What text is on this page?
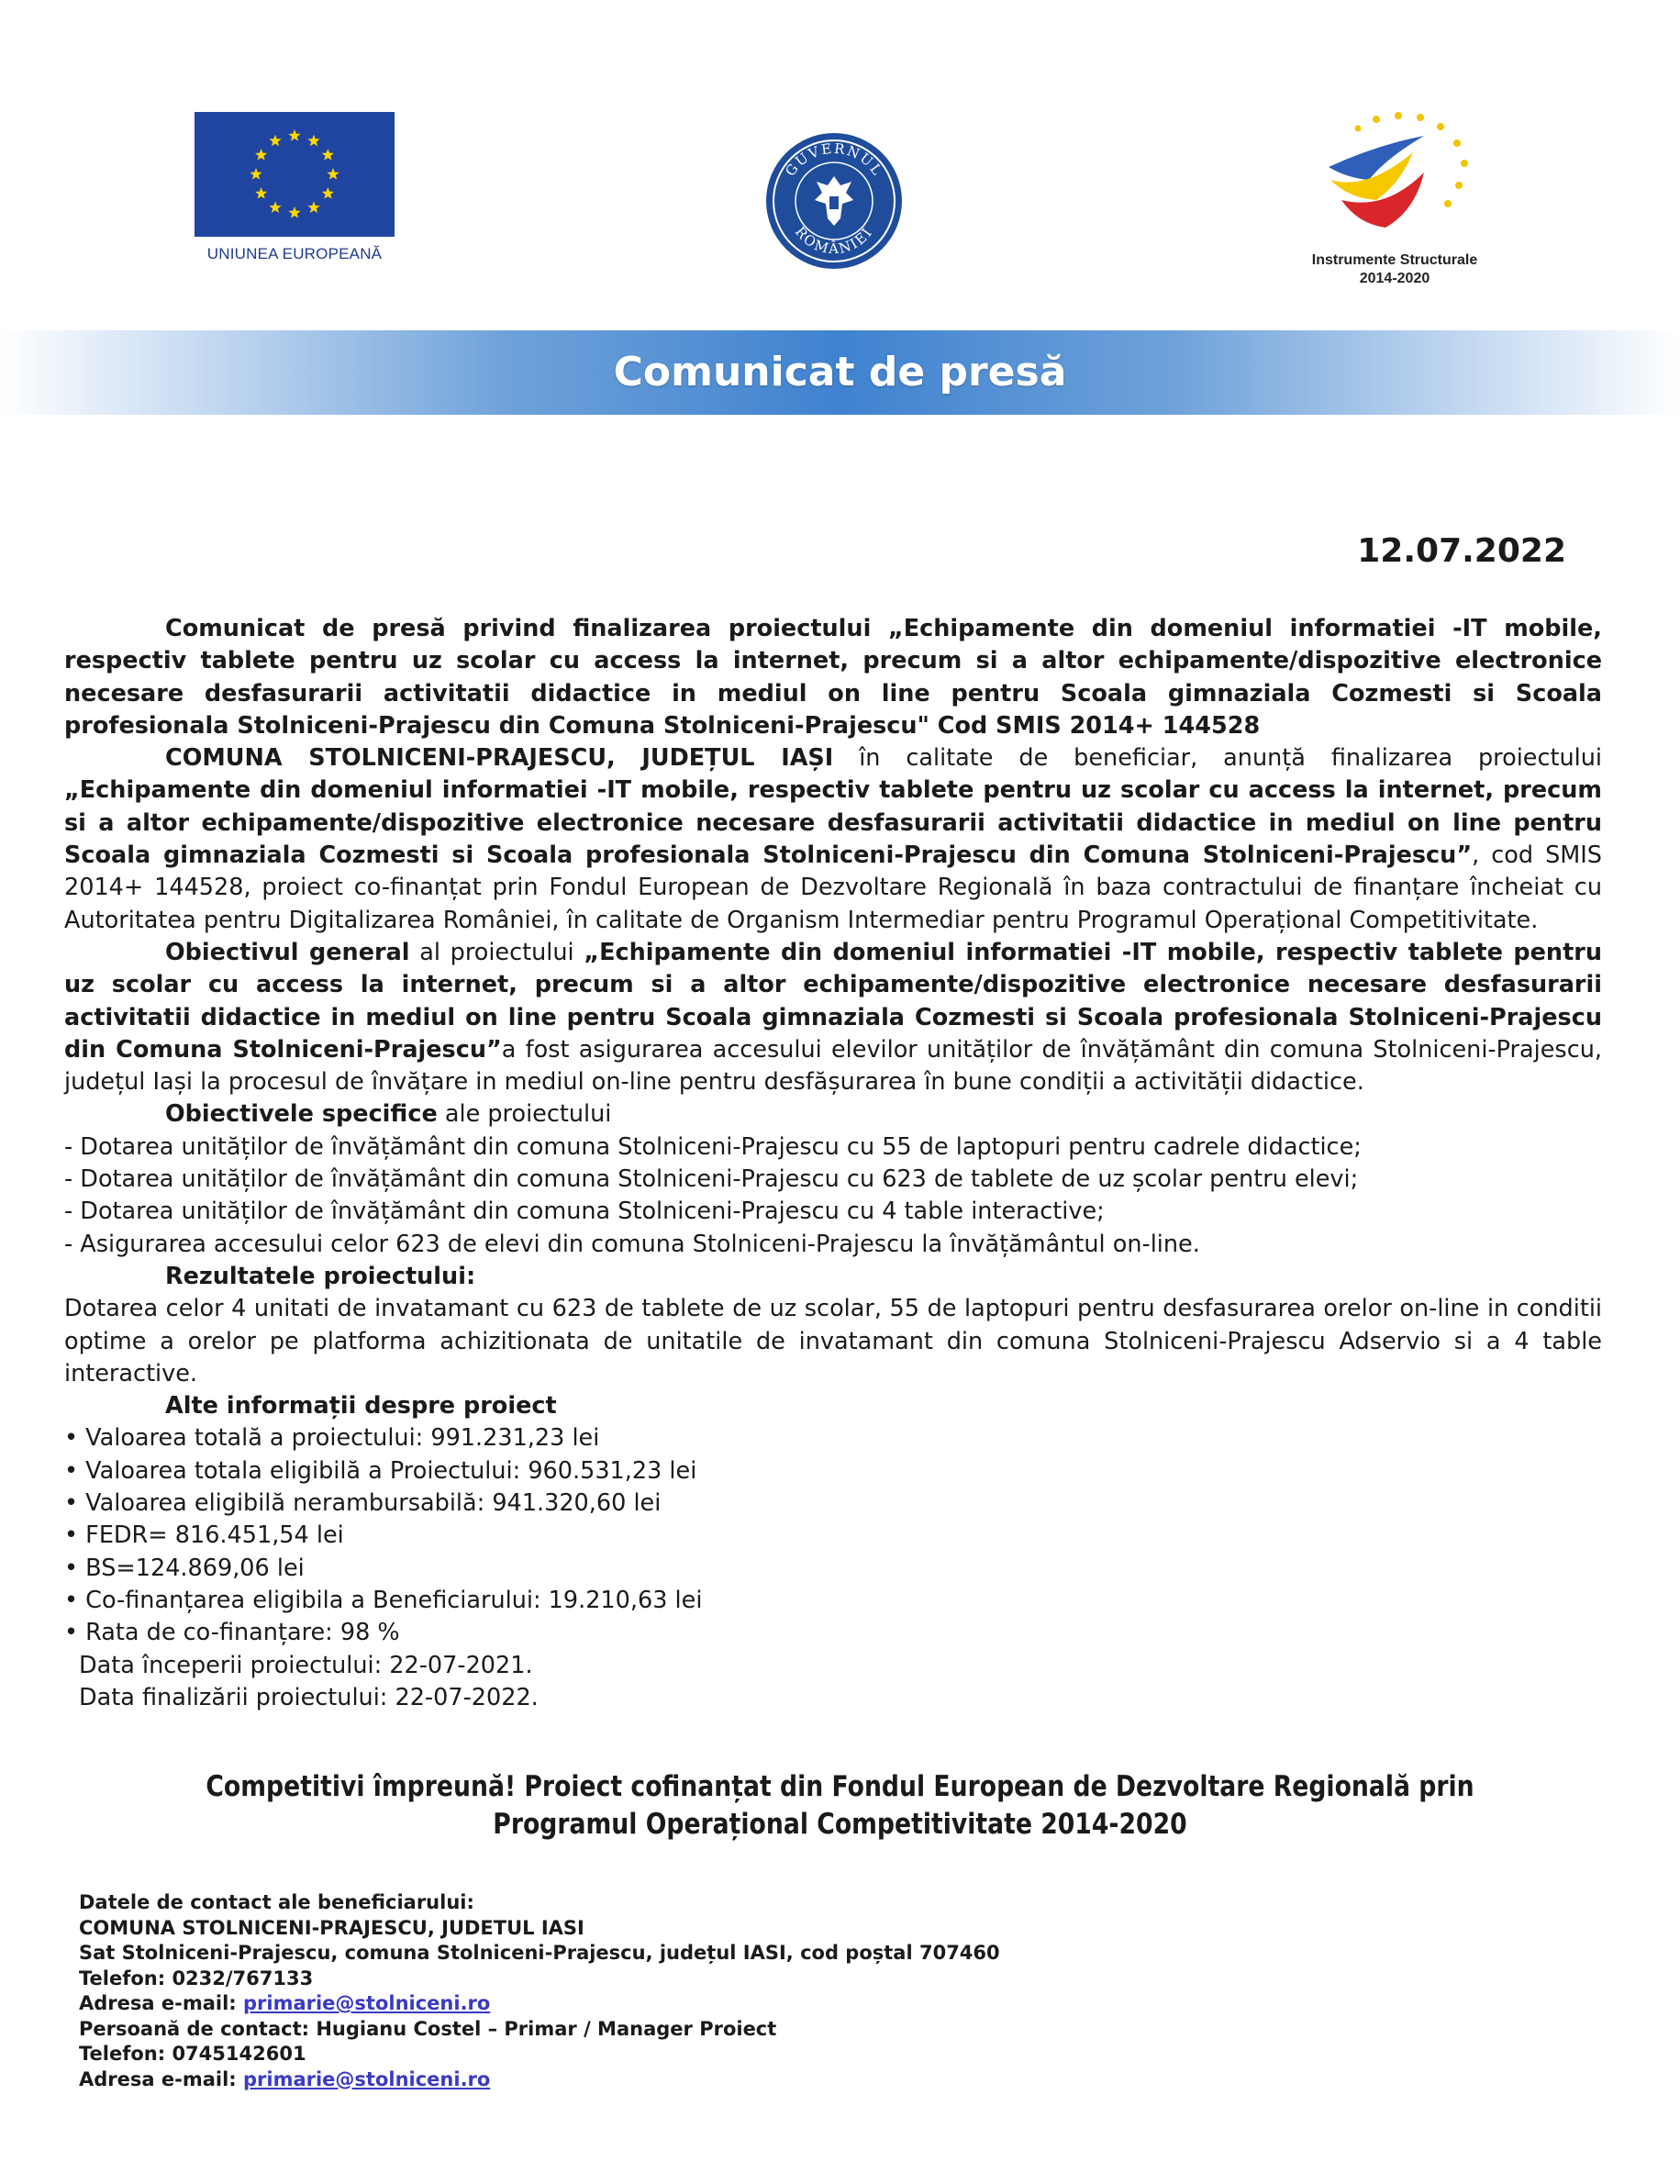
UNIUNEA EUROPEANĂ
GUVERNUL
ROMÂNIEI
Instrumente Structurale
2014-2020
Comunicat de presă
12.07.2022

Comunicat de presă privind finalizarea proiectului „Echipamente din domeniul informatiei -IT mobile, respectiv tablete pentru uz scolar cu access la internet, precum si a altor echipamente/dispozitive electronice necesare desfasurarii activitatii didactice in mediul on line pentru Scoala gimnaziala Cozmesti si Scoala profesionala Stolniceni-Prajescu din Comuna Stolniceni-Prajescu" Cod SMIS 2014+ 144528

COMUNA STOLNICENI-PRAJESCU, JUDEȚUL IAȘI în calitate de beneficiar, anunță finalizarea proiectului „Echipamente din domeniul informatiei -IT mobile, respectiv tablete pentru uz scolar cu access la internet, precum si a altor echipamente/dispozitive electronice necesare desfasurarii activitatii didactice in mediul on line pentru Scoala gimnaziala Cozmesti si Scoala profesionala Stolniceni-Prajescu din Comuna Stolniceni-Prajescu”, cod SMIS 2014+ 144528, proiect co-finanțat prin Fondul European de Dezvoltare Regională în baza contractului de finanțare încheiat cu Autoritatea pentru Digitalizarea României, în calitate de Organism Intermediar pentru Programul Operațional Competitivitate.

Obiectivul general al proiectului „Echipamente din domeniul informatiei -IT mobile, respectiv tablete pentru uz scolar cu access la internet, precum si a altor echipamente/dispozitive electronice necesare desfasurarii activitatii didactice in mediul on line pentru Scoala gimnaziala Cozmesti si Scoala profesionala Stolniceni-Prajescu din Comuna Stolniceni-Prajescu”a fost asigurarea accesului elevilor unităților de învățământ din comuna Stolniceni-Prajescu, județul Iași la procesul de învățare in mediul on-line pentru desfășurarea în bune condiții a activității didactice.

Obiectivele specifice ale proiectului

- Dotarea unităților de învățământ din comuna Stolniceni-Prajescu cu 55 de laptopuri pentru cadrele didactice;

- Dotarea unităților de învățământ din comuna Stolniceni-Prajescu cu 623 de tablete de uz școlar pentru elevi;

- Dotarea unităților de învățământ din comuna Stolniceni-Prajescu cu 4 table interactive;

- Asigurarea accesului celor 623 de elevi din comuna Stolniceni-Prajescu la învățământul on-line.

Rezultatele proiectului:

Dotarea celor 4 unitati de invatamant cu 623 de tablete de uz scolar, 55 de laptopuri pentru desfasurarea orelor on-line in conditii optime a orelor pe platforma achizitionata de unitatile de invatamant din comuna Stolniceni-Prajescu Adservio si a 4 table interactive.

Alte informații despre proiect

• Valoarea totală a proiectului: 991.231,23 lei
• Valoarea totala eligibilă a Proiectului: 960.531,23 lei
• Valoarea eligibilă nerambursabilă: 941.320,60 lei
• FEDR= 816.451,54 lei
• BS=124.869,06 lei
• Co-finanțarea eligibila a Beneficiarului: 19.210,63 lei
• Rata de co-finanțare: 98 %

Data începerii proiectului: 22-07-2021.

Data finalizării proiectului: 22-07-2022.

Competitivi împreună! Proiect cofinanțat din Fondul European de Dezvoltare Regională prin
Programul Operațional Competitivitate 2014-2020
Datele de contact ale beneficiarului:
COMUNA STOLNICENI-PRAJESCU, JUDETUL IASI
Sat Stolniceni-Prajescu, comuna Stolniceni-Prajescu, județul IASI, cod poștal 707460
Telefon: 0232/767133
Adresa e-mail: primarie@stolniceni.ro
Persoană de contact: Hugianu Costel – Primar / Manager Proiect
Telefon: 0745142601
Adresa e-mail: primarie@stolniceni.ro
